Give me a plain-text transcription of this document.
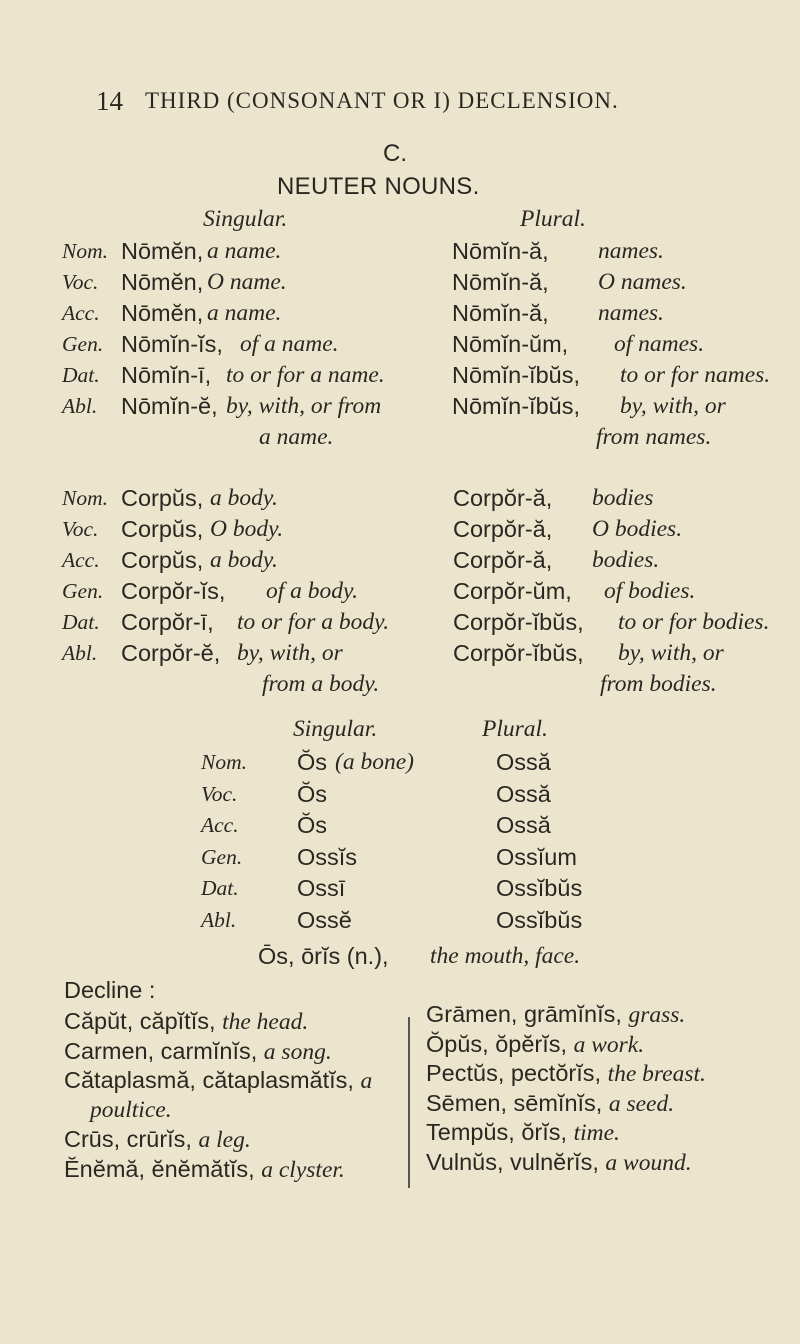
14 THIRD (CONSONANT OR I) DECLENSION.
C.
NEUTER NOUNS.
Singular.	Plural.
Nom. Nōmĕn, a name.	Nōmĭn-ă, names.
Voc. Nōmĕn, O name.	Nōmĭn-ă, O names.
Acc. Nōmĕn, a name.	Nōmĭn-ă, names.
Gen. Nōmĭn-ĭs, of a name.	Nōmĭn-ŭm, of names.
Dat. Nōmĭn-ī, to or for a name.	Nōmĭn-ĭbŭs, to or for names.
Abl. Nōmĭn-ĕ, by, with, or from	Nōmĭn-ĭbŭs, by, with, or
a name.	from names.
Nom. Corpŭs, a body.	Corpŏr-ă, bodies
Voc. Corpŭs, O body.	Corpŏr-ă, O bodies.
Acc. Corpŭs, a body.	Corpŏr-ă, bodies.
Gen. Corpŏr-ĭs, of a body.	Corpŏr-ŭm, of bodies.
Dat. Corpŏr-ī, to or for a body.	Corpŏr-ĭbŭs, to or for bodies.
Abl. Corpŏr-ĕ, by, with, or	Corpŏr-ĭbŭs, by, with, or
from a body.	from bodies.
Singular.	Plural.
Nom. Ŏs (a bone)	Ossă
Voc.	Ŏs	Ossă
Acc. Ŏs	Ossă
Gen. Ossĭs	Ossĭum
Dat. Ossī	Ossĭbŭs
Abl.	Ossĕ	Ossĭbŭs
Ōs, ōrĭs (n.), the mouth, face.
Decline :
Căpŭt, căpĭtĭs, the head.
Carmen, carmĭnĭs, a song.
Cătaplasmă, cătaplasmătĭs, a
poultice.
Crūs, crūrĭs, a leg.
Ĕnĕmă, ĕnĕmătĭs, a clyster.
Grāmen, grāmĭnĭs, grass.
Ŏpŭs, ŏpĕrĭs, a work.
Pectŭs, pectŏrĭs, the breast.
Sēmen, sēmĭnĭs, a seed.
Tempŭs, ŏrĭs, time.
Vulnŭs, vulnĕrĭs, a wound.
